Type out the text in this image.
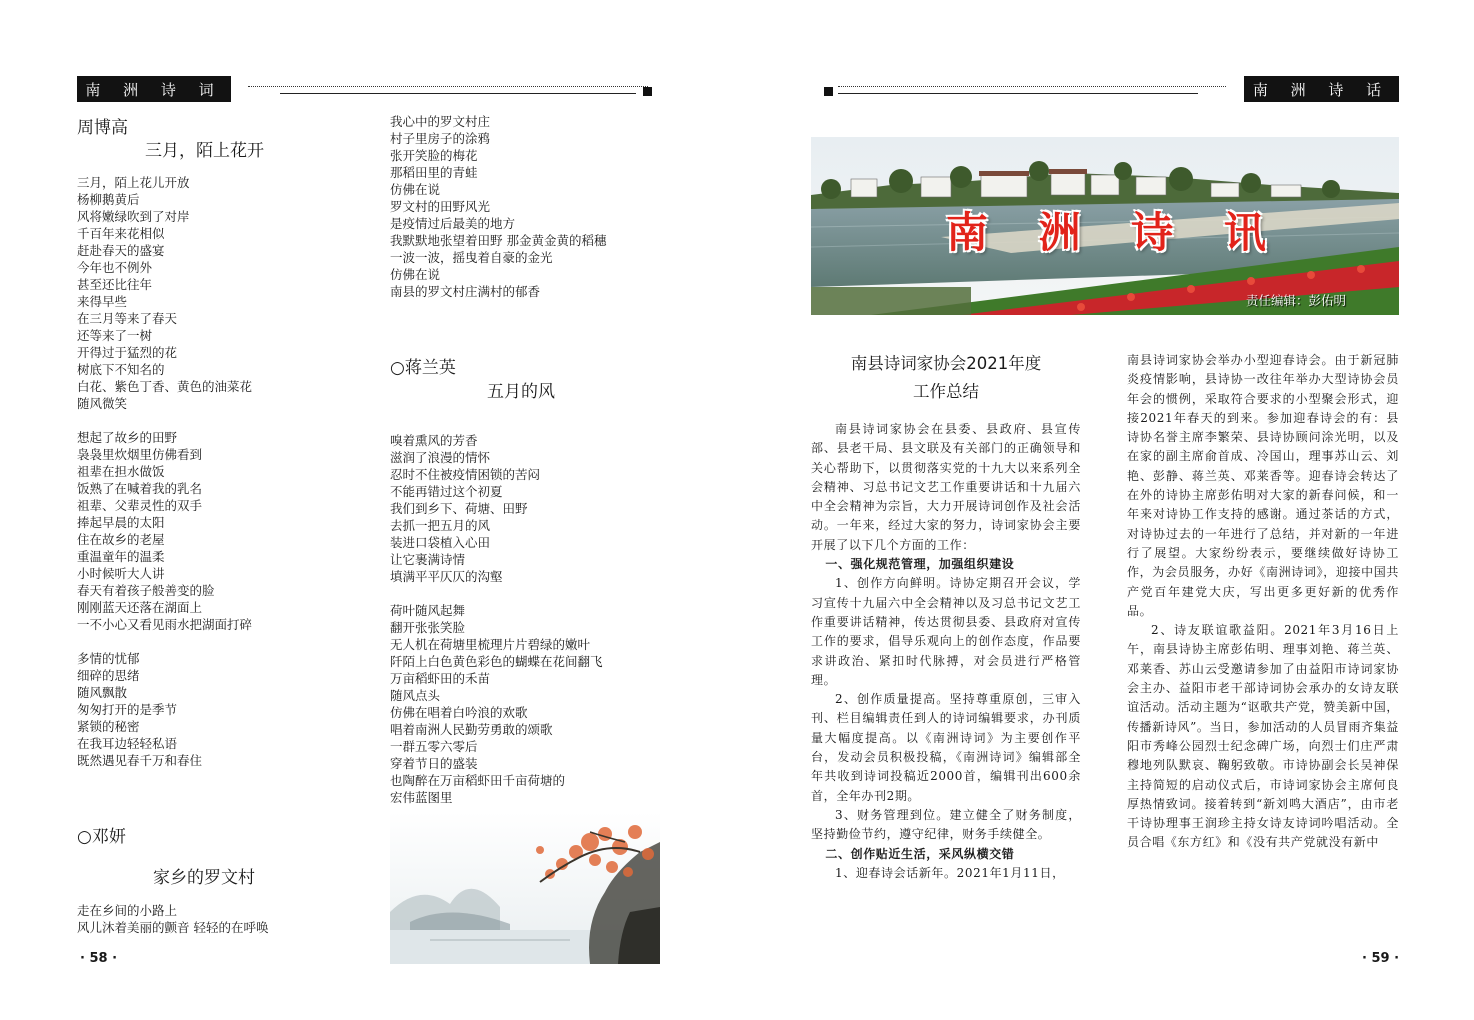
南 洲 诗 词
周博高
三月，陌上花开
三月，陌上花儿开放
杨柳鹅黄后
风将嫩绿吹到了对岸
千百年来花相似
赶赴春天的盛宴
今年也不例外
甚至还比往年
来得早些
在三月等来了春天
还等来了一树
开得过于猛烈的花
树底下不知名的
白花、紫色丁香、黄色的油菜花
随风微笑
想起了故乡的田野
袅袅里炊烟里仿佛看到
祖辈在担水做饭
饭熟了在喊着我的乳名
祖辈、父辈灵性的双手
捧起早晨的太阳
住在故乡的老屋
重温童年的温柔
小时候听大人讲
春天有着孩子般善变的脸
刚刚蓝天还落在湖面上
一不小心又看见雨水把湖面打碎
多情的忧郁
细碎的思绪
随风飘散
匆匆打开的是季节
紧锁的秘密
在我耳边轻轻私语
既然遇见春千万和春住
○邓妍
家乡的罗文村
走在乡间的小路上
风儿沐着美丽的颤音 轻轻的在呼唤
我心中的罗文村庄
村子里房子的涂鸦
张开笑脸的梅花
那稻田里的青蛙
仿佛在说
罗文村的田野风光
是疫情过后最美的地方
我默默地张望着田野 那金黄金黄的稻穗
一波一波，摇曳着自豪的金光
仿佛在说
南县的罗文村庄满村的郁香
○蒋兰英
五月的风
嗅着熏风的芳香
滋润了浪漫的情怀
忍时不住被疫情困锁的苦闷
不能再错过这个初夏
我们到乡下、荷塘、田野
去抓一把五月的风
装进口袋植入心田
让它裹满诗情
填满平平仄仄的沟壑
荷叶随风起舞
翻开张张笑脸
无人机在荷塘里梳理片片碧绿的嫩叶
阡陌上白色黄色彩色的蝴蝶在花间翻飞
万亩稻虾田的禾苗
随风点头
仿佛在唱着白吟浪的欢歌
唱着南洲人民勤劳勇敢的颂歌
一群五零六零后
穿着节日的盛装
也陶醉在万亩稻虾田千亩荷塘的
宏伟蓝图里
· 58 ·
南 洲 诗 话
南 洲 诗 讯
责任编辑：彭佑明
南县诗词家协会2021年度
工作总结

南县诗词家协会在县委、县政府、县宣传部、县老干局、县文联及有关部门的正确领导和关心帮助下，以贯彻落实党的十九大以来系列全会精神、习总书记文艺工作重要讲话和十九届六中全会精神为宗旨，大力开展诗词创作及社会活动。一年来，经过大家的努力，诗词家协会主要开展了以下几个方面的工作：

一、强化规范管理，加强组织建设

1、创作方向鲜明。诗协定期召开会议，学习宣传十九届六中全会精神以及习总书记文艺工作重要讲话精神，传达贯彻县委、县政府对宣传工作的要求，倡导乐观向上的创作态度，作品要求讲政治、紧扣时代脉搏，对会员进行严格管理。

2、创作质量提高。坚持尊重原创，三审入刊、栏目编辑责任到人的诗词编辑要求，办刊质量大幅度提高。以《南洲诗词》为主要创作平台，发动会员积极投稿，《南洲诗词》编辑部全年共收到诗词投稿近2000首，编辑刊出600余首，全年办刊2期。

3、财务管理到位。建立健全了财务制度，坚持勤俭节约，遵守纪律，财务手续健全。

二、创作贴近生活，采风纵横交错

1、迎春诗会话新年。2021年1月11日，

南县诗词家协会举办小型迎春诗会。由于新冠肺炎疫情影响，县诗协一改往年举办大型诗协会员年会的惯例，采取符合要求的小型聚会形式，迎接2021年春天的到来。参加迎春诗会的有：县诗协名誉主席李繁荣、县诗协顾问涂光明，以及在家的副主席俞首成、冷国山，理事苏山云、刘艳、彭静、蒋兰英、邓莱香等。迎春诗会转达了在外的诗协主席彭佑明对大家的新春问候，和一年来对诗协工作支持的感谢。通过茶话的方式，对诗协过去的一年进行了总结，并对新的一年进行了展望。大家纷纷表示，要继续做好诗协工作，为会员服务，办好《南洲诗词》，迎接中国共产党百年建党大庆，写出更多更好新的优秀作品。

2、诗友联谊歌益阳。2021年3月16日上午，南县诗协主席彭佑明、理事刘艳、蒋兰英、邓莱香、苏山云受邀请参加了由益阳市诗词家协会主办、益阳市老干部诗词协会承办的女诗友联谊活动。活动主题为“讴歌共产党，赞美新中国，传播新诗风”。当日，参加活动的人员冒雨齐集益阳市秀峰公园烈士纪念碑广场，向烈士们庄严肃穆地列队默哀、鞠躬致敬。市诗协副会长吴神保主持简短的启动仪式后，市诗词家协会主席何良厚热情致词。接着转到“新刘鸣大酒店”，由市老干诗协理事王润珍主持女诗友诗词吟唱活动。全员合唱《东方红》和《没有共产党就没有新中

· 59 ·
